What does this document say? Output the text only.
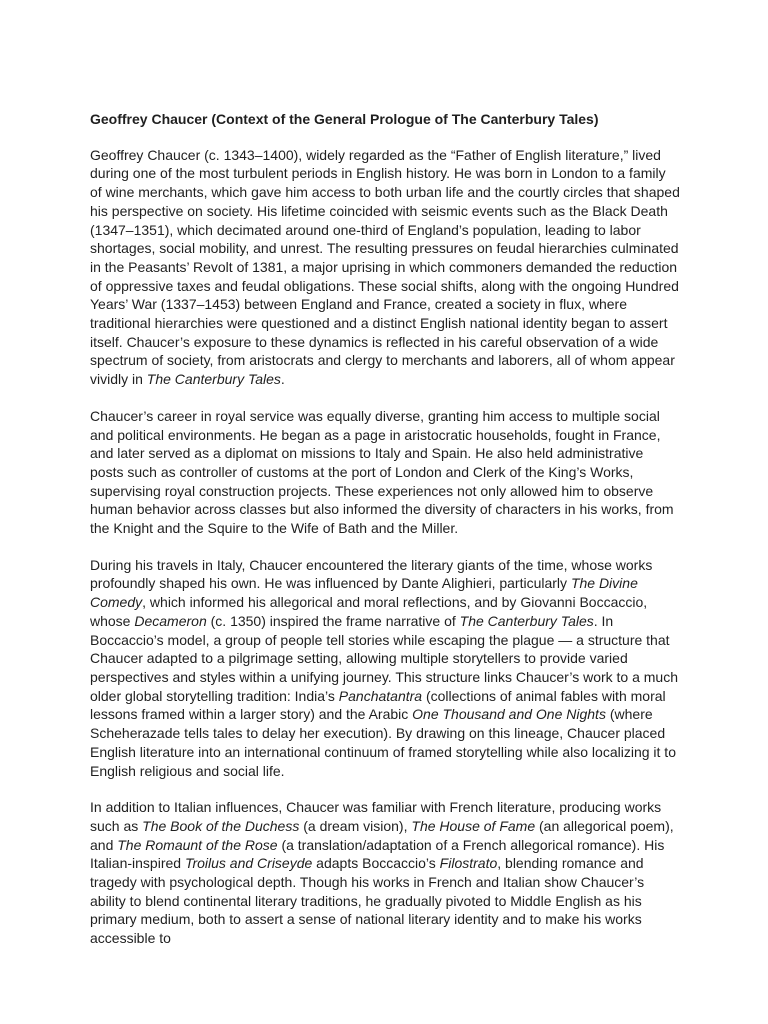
Geoffrey Chaucer (Context of the General Prologue of The Canterbury Tales)

Geoffrey Chaucer (c. 1343–1400), widely regarded as the “Father of English literature,” lived during one of the most turbulent periods in English history. He was born in London to a family of wine merchants, which gave him access to both urban life and the courtly circles that shaped his perspective on society. His lifetime coincided with seismic events such as the Black Death (1347–1351), which decimated around one-third of England’s population, leading to labor shortages, social mobility, and unrest. The resulting pressures on feudal hierarchies culminated in the Peasants’ Revolt of 1381, a major uprising in which commoners demanded the reduction of oppressive taxes and feudal obligations. These social shifts, along with the ongoing Hundred Years’ War (1337–1453) between England and France, created a society in flux, where traditional hierarchies were questioned and a distinct English national identity began to assert itself. Chaucer’s exposure to these dynamics is reflected in his careful observation of a wide spectrum of society, from aristocrats and clergy to merchants and laborers, all of whom appear vividly in The Canterbury Tales.

Chaucer’s career in royal service was equally diverse, granting him access to multiple social and political environments. He began as a page in aristocratic households, fought in France, and later served as a diplomat on missions to Italy and Spain. He also held administrative posts such as controller of customs at the port of London and Clerk of the King’s Works, supervising royal construction projects. These experiences not only allowed him to observe human behavior across classes but also informed the diversity of characters in his works, from the Knight and the Squire to the Wife of Bath and the Miller.

During his travels in Italy, Chaucer encountered the literary giants of the time, whose works profoundly shaped his own. He was influenced by Dante Alighieri, particularly The Divine Comedy, which informed his allegorical and moral reflections, and by Giovanni Boccaccio, whose Decameron (c. 1350) inspired the frame narrative of The Canterbury Tales. In Boccaccio’s model, a group of people tell stories while escaping the plague — a structure that Chaucer adapted to a pilgrimage setting, allowing multiple storytellers to provide varied perspectives and styles within a unifying journey. This structure links Chaucer’s work to a much older global storytelling tradition: India’s Panchatantra (collections of animal fables with moral lessons framed within a larger story) and the Arabic One Thousand and One Nights (where Scheherazade tells tales to delay her execution). By drawing on this lineage, Chaucer placed English literature into an international continuum of framed storytelling while also localizing it to English religious and social life.

In addition to Italian influences, Chaucer was familiar with French literature, producing works such as The Book of the Duchess (a dream vision), The House of Fame (an allegorical poem), and The Romaunt of the Rose (a translation/adaptation of a French allegorical romance). His Italian-inspired Troilus and Criseyde adapts Boccaccio’s Filostrato, blending romance and tragedy with psychological depth. Though his works in French and Italian show Chaucer’s ability to blend continental literary traditions, he gradually pivoted to Middle English as his primary medium, both to assert a sense of national literary identity and to make his works accessible to
